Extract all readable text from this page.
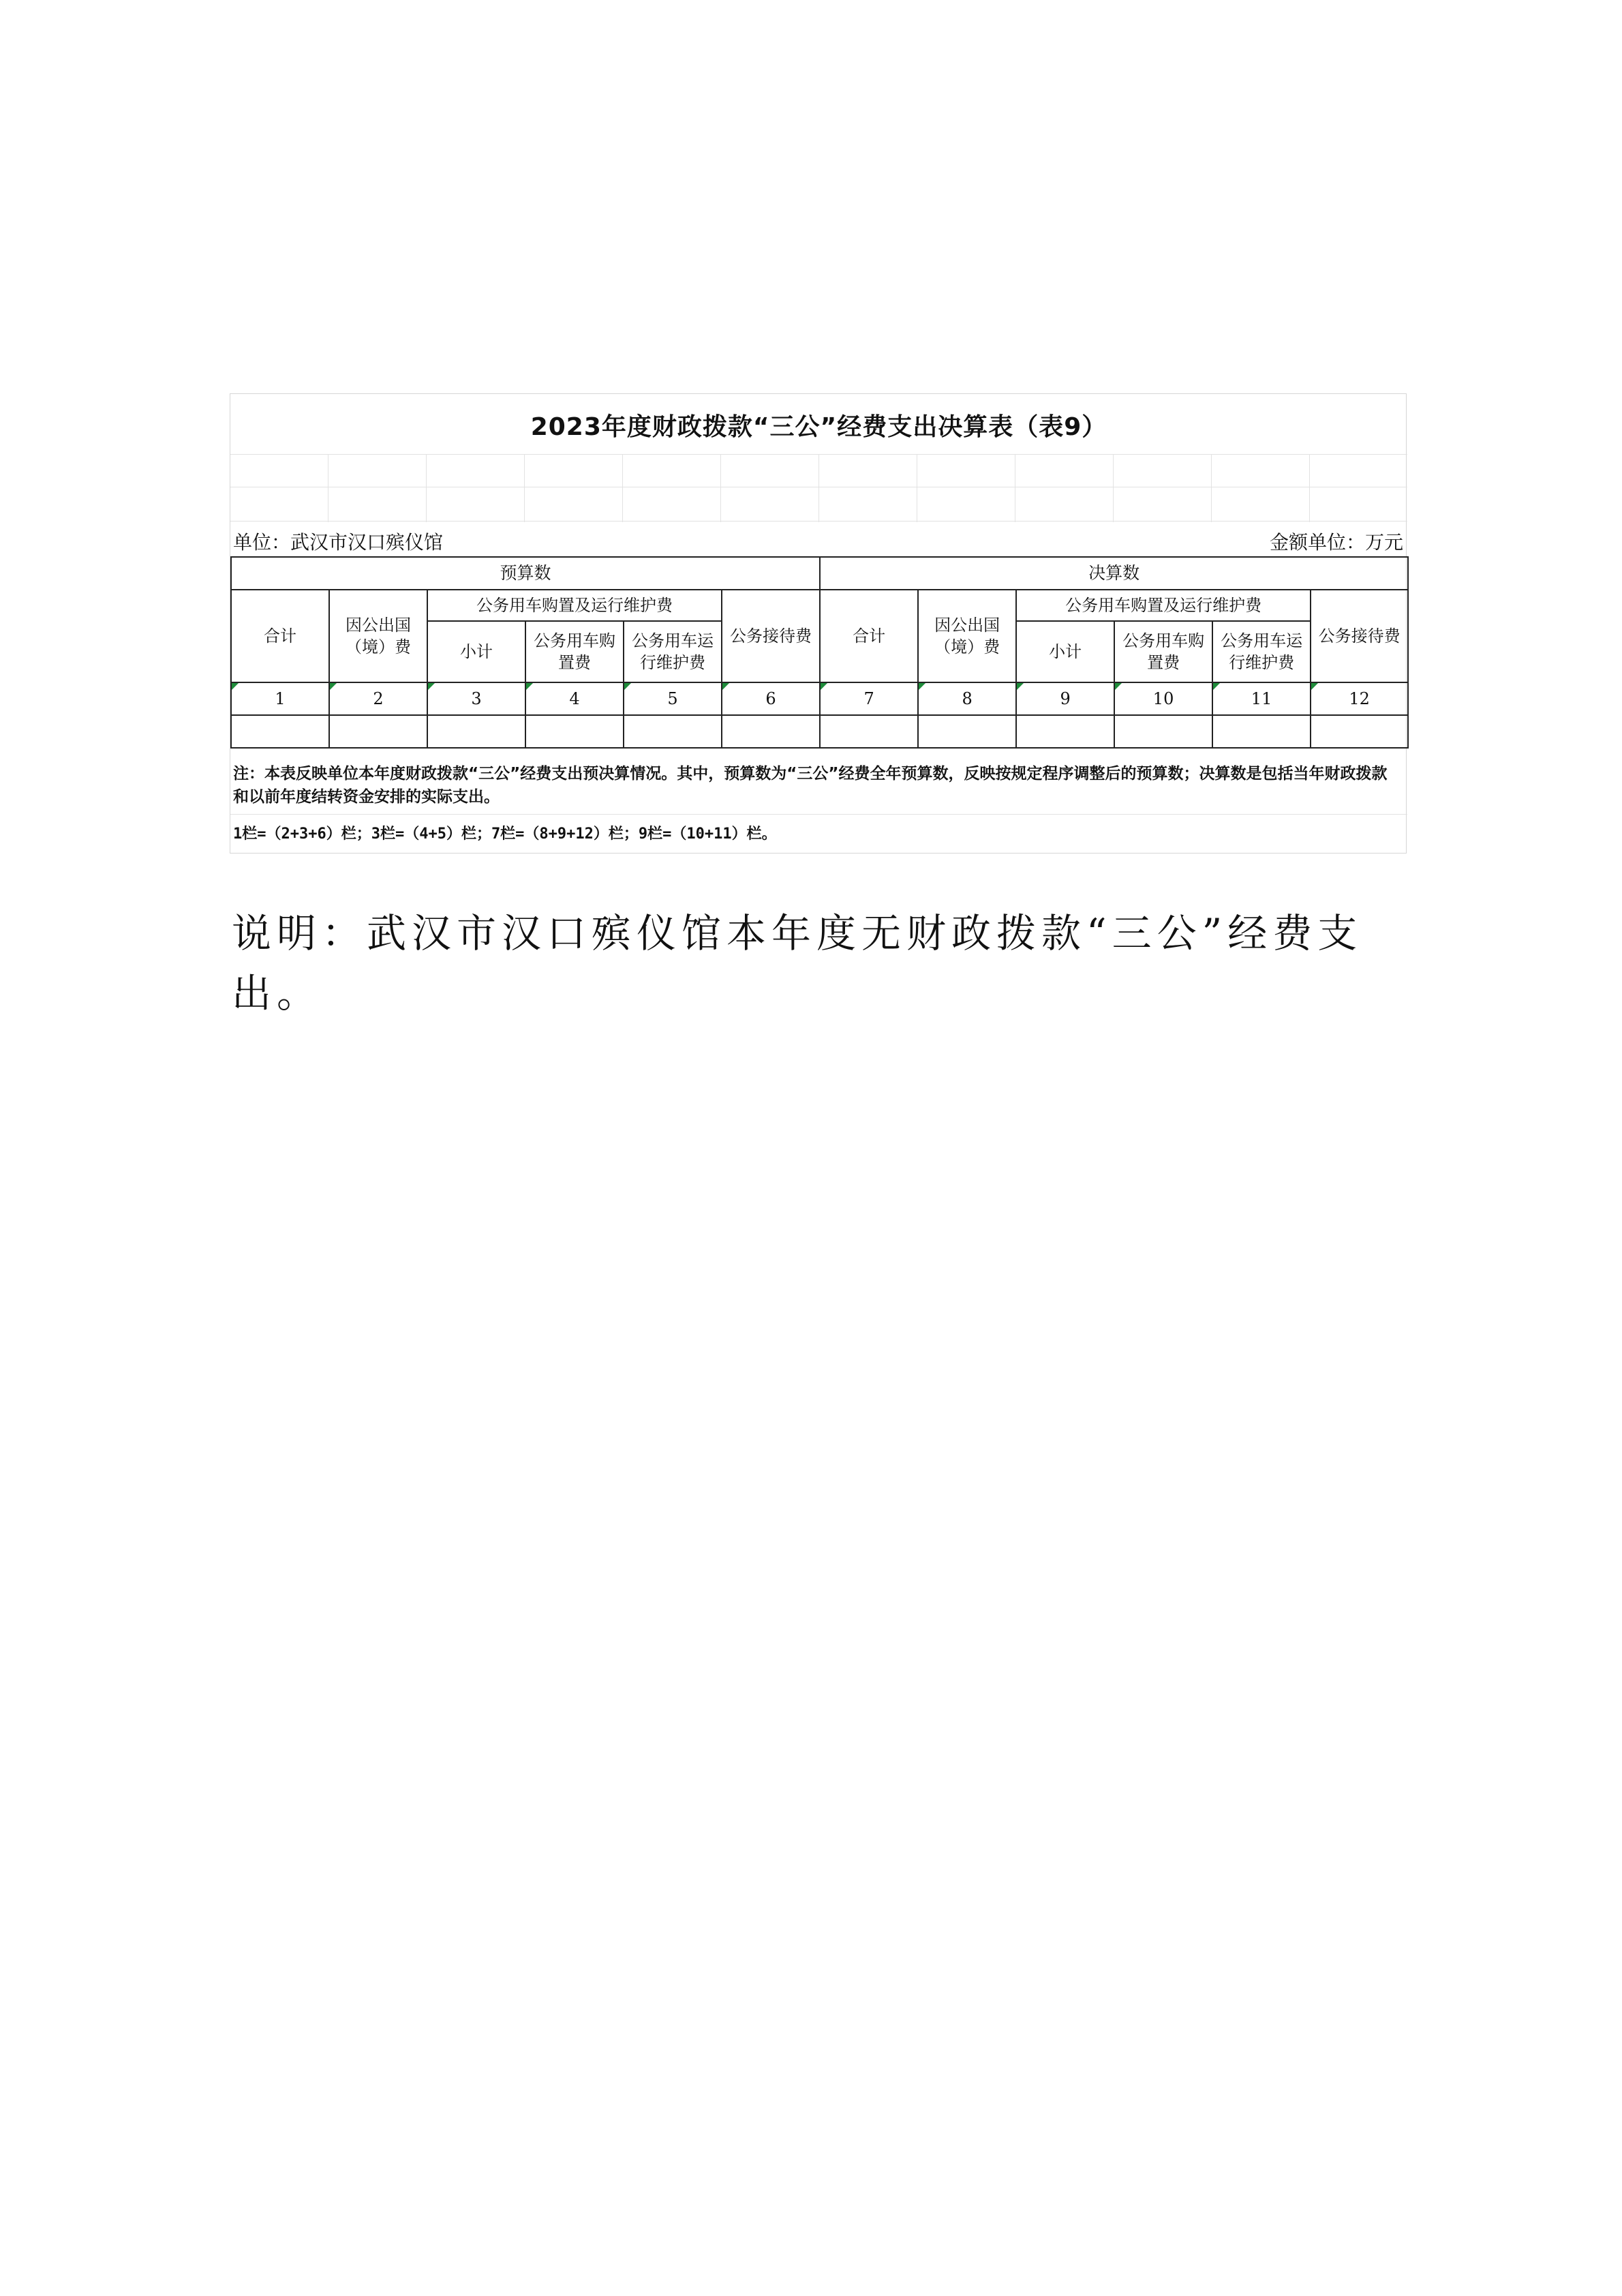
2023年度财政拨款“三公”经费支出决算表（表9）
单位：武汉市汉口殡仪馆	金额单位：万元
预算数						决算数					
合计	因公出国（境）费	公务用车购置及运行维护费			公务接待费	合计	因公出国（境）费	公务用车购置及运行维护费			公务接待费
		小计	公务用车购置费	公务用车运行维护费				小计	公务用车购置费	公务用车运行维护费	

1	2	3	4	5	6	7	8	9	10	11	12

注：本表反映单位本年度财政拨款“三公”经费支出预决算情况。其中，预算数为“三公”经费全年预算数，反映按规定程序调整后的预算数；决算数是包括当年财政拨款和以前年度结转资金安排的实际支出。
1栏=（2+3+6）栏；3栏=（4+5）栏；7栏=（8+9+12）栏；9栏=（10+11）栏。
说明：武汉市汉口殡仪馆本年度无财政拨款“三公”经费支出。
